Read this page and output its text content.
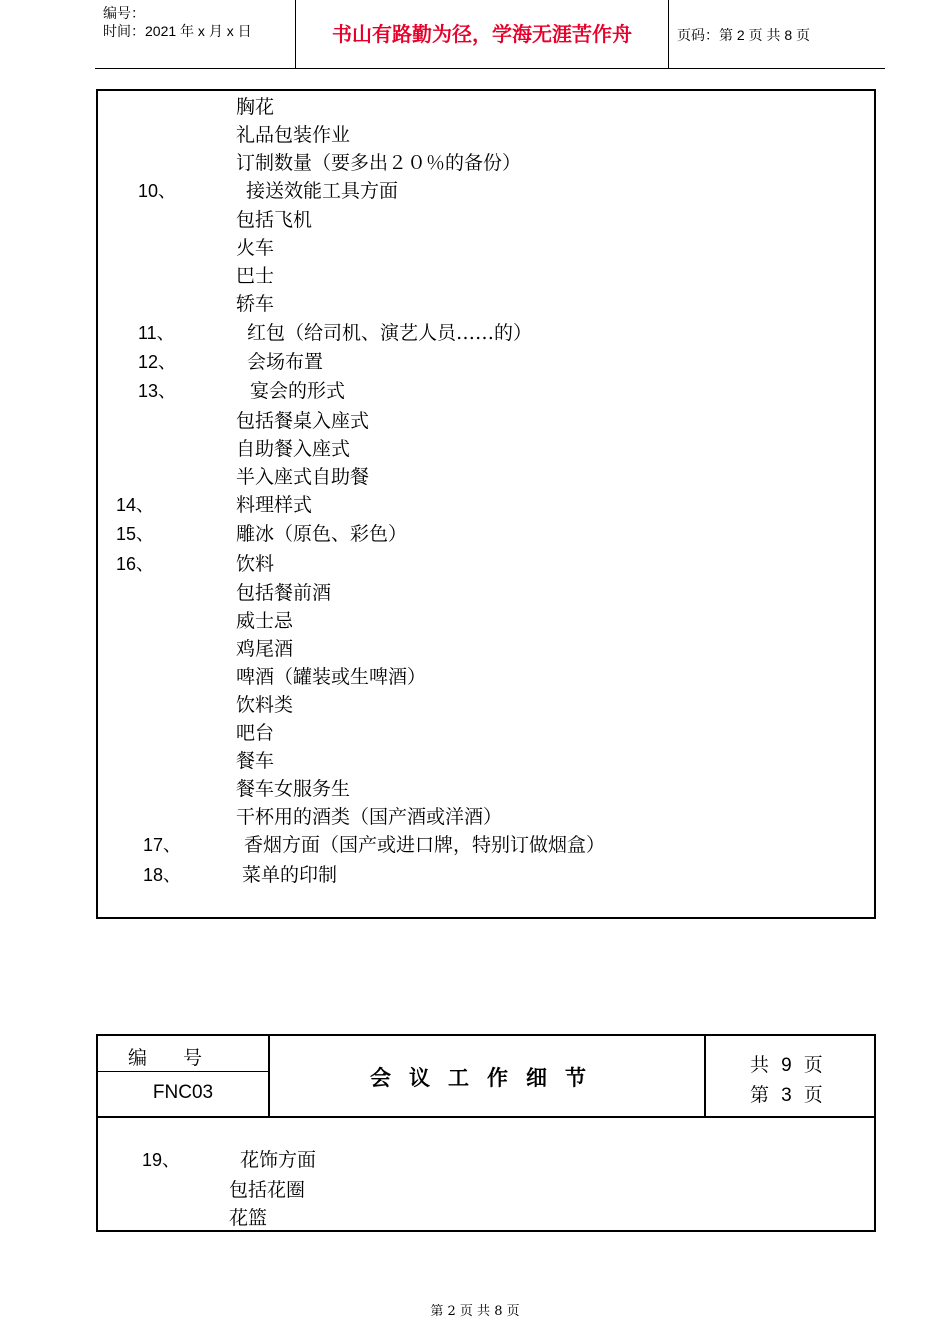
编号：
时间：2021 年 x 月 x 日	书山有路勤为径，学海无涯苦作舟	页码：第 2 页 共 8 页
胸花
礼品包装作业
订制数量（要多出２０％的备份）
10、	接送效能工具方面
包括飞机
火车
巴士
轿车
11、	红包（给司机、演艺人员……的）
12、	会场布置
13、	宴会的形式
包括餐桌入座式
自助餐入座式
半入座式自助餐
14、	料理样式
15、	雕冰（原色、彩色）
16、	饮料
包括餐前酒
威士忌
鸡尾酒
啤酒（罐装或生啤酒）
饮料类
吧台
餐车
餐车女服务生
干杯用的酒类（国产酒或洋酒）
17、	香烟方面（国产或进口牌，特别订做烟盒）
18、	菜单的印制
编号
FNC03
会议工作细节	共 9 页
第 3 页
19、	花饰方面
包括花圈
花篮
第 2 页 共 8 页
